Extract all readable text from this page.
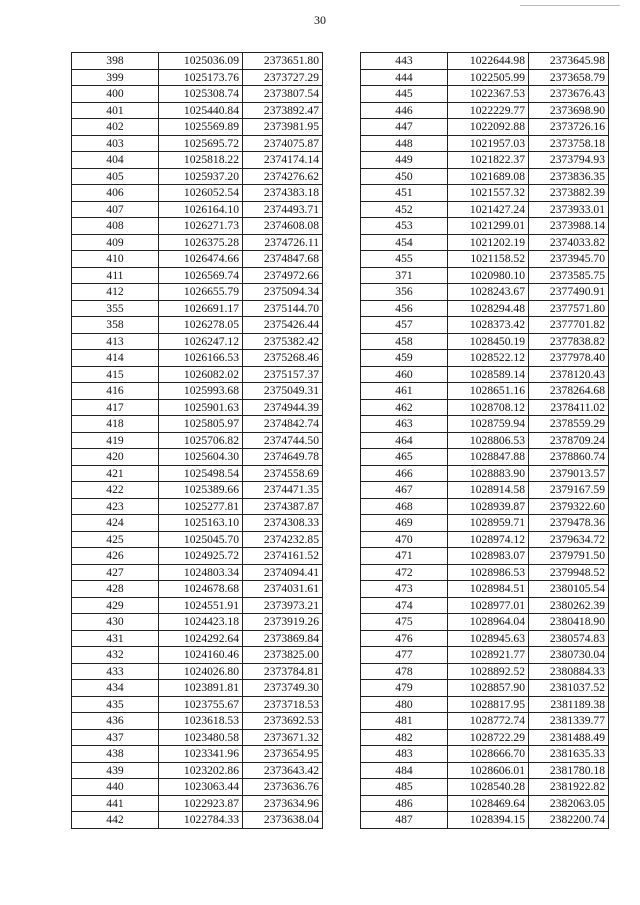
30
398	1025036.09	2373651.80
399	1025173.76	2373727.29
400	1025308.74	2373807.54
401	1025440.84	2373892.47
402	1025569.89	2373981.95
403	1025695.72	2374075.87
404	1025818.22	2374174.14
405	1025937.20	2374276.62
406	1026052.54	2374383.18
407	1026164.10	2374493.71
408	1026271.73	2374608.08
409	1026375.28	2374726.11
410	1026474.66	2374847.68
411	1026569.74	2374972.66
412	1026655.79	2375094.34
355	1026691.17	2375144.70
358	1026278.05	2375426.44
413	1026247.12	2375382.42
414	1026166.53	2375268.46
415	1026082.02	2375157.37
416	1025993.68	2375049.31
417	1025901.63	2374944.39
418	1025805.97	2374842.74
419	1025706.82	2374744.50
420	1025604.30	2374649.78
421	1025498.54	2374558.69
422	1025389.66	2374471.35
423	1025277.81	2374387.87
424	1025163.10	2374308.33
425	1025045.70	2374232.85
426	1024925.72	2374161.52
427	1024803.34	2374094.41
428	1024678.68	2374031.61
429	1024551.91	2373973.21
430	1024423.18	2373919.26
431	1024292.64	2373869.84
432	1024160.46	2373825.00
433	1024026.80	2373784.81
434	1023891.81	2373749.30
435	1023755.67	2373718.53
436	1023618.53	2373692.53
437	1023480.58	2373671.32
438	1023341.96	2373654.95
439	1023202.86	2373643.42
440	1023063.44	2373636.76
441	1022923.87	2373634.96
442	1022784.33	2373638.04
443	1022644.98	2373645.98
444	1022505.99	2373658.79
445	1022367.53	2373676.43
446	1022229.77	2373698.90
447	1022092.88	2373726.16
448	1021957.03	2373758.18
449	1021822.37	2373794.93
450	1021689.08	2373836.35
451	1021557.32	2373882.39
452	1021427.24	2373933.01
453	1021299.01	2373988.14
454	1021202.19	2374033.82
455	1021158.52	2373945.70
371	1020980.10	2373585.75
356	1028243.67	2377490.91
456	1028294.48	2377571.80
457	1028373.42	2377701.82
458	1028450.19	2377838.82
459	1028522.12	2377978.40
460	1028589.14	2378120.43
461	1028651.16	2378264.68
462	1028708.12	2378411.02
463	1028759.94	2378559.29
464	1028806.53	2378709.24
465	1028847.88	2378860.74
466	1028883.90	2379013.57
467	1028914.58	2379167.59
468	1028939.87	2379322.60
469	1028959.71	2379478.36
470	1028974.12	2379634.72
471	1028983.07	2379791.50
472	1028986.53	2379948.52
473	1028984.51	2380105.54
474	1028977.01	2380262.39
475	1028964.04	2380418.90
476	1028945.63	2380574.83
477	1028921.77	2380730.04
478	1028892.52	2380884.33
479	1028857.90	2381037.52
480	1028817.95	2381189.38
481	1028772.74	2381339.77
482	1028722.29	2381488.49
483	1028666.70	2381635.33
484	1028606.01	2381780.18
485	1028540.28	2381922.82
486	1028469.64	2382063.05
487	1028394.15	2382200.74
